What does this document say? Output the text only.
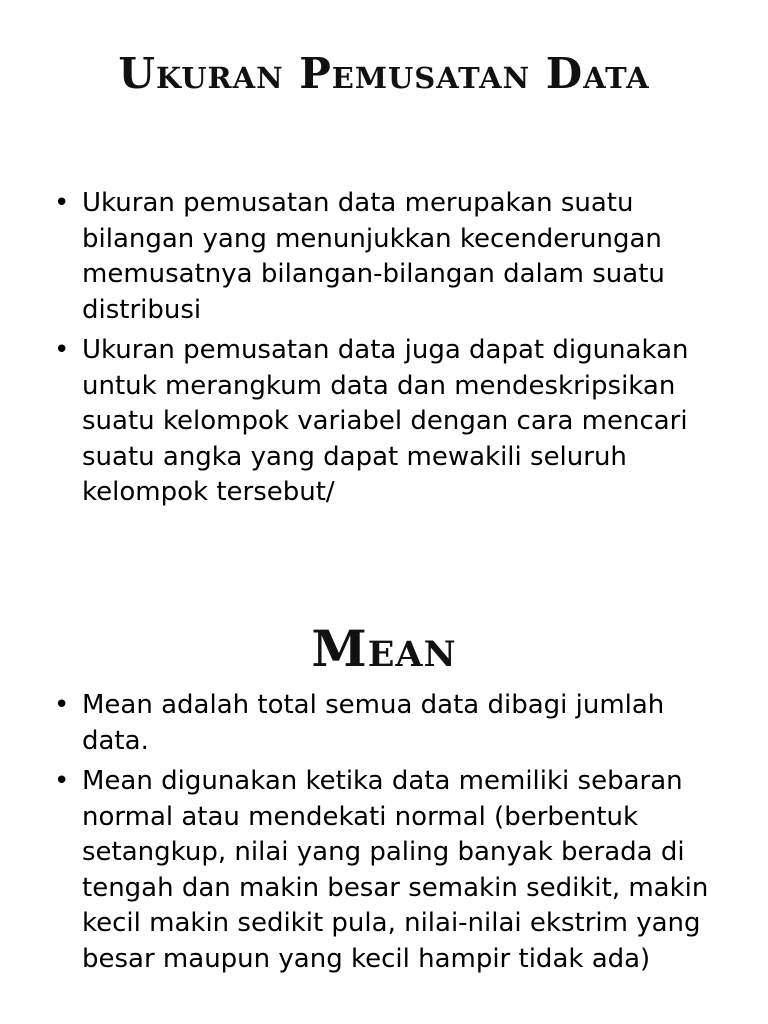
Ukuran Pemusatan Data
• Ukuran pemusatan data merupakan suatu bilangan yang menunjukkan kecenderungan memusatnya bilangan-bilangan dalam suatu distribusi
• Ukuran pemusatan data juga dapat digunakan untuk merangkum data dan mendeskripsikan suatu kelompok variabel dengan cara mencari suatu angka yang dapat mewakili seluruh kelompok tersebut/
Mean
• Mean adalah total semua data dibagi jumlah data.
• Mean digunakan ketika data memiliki sebaran normal atau mendekati normal (berbentuk setangkup, nilai yang paling banyak berada di tengah dan makin besar semakin sedikit, makin kecil makin sedikit pula, nilai-nilai ekstrim yang besar maupun yang kecil hampir tidak ada)
